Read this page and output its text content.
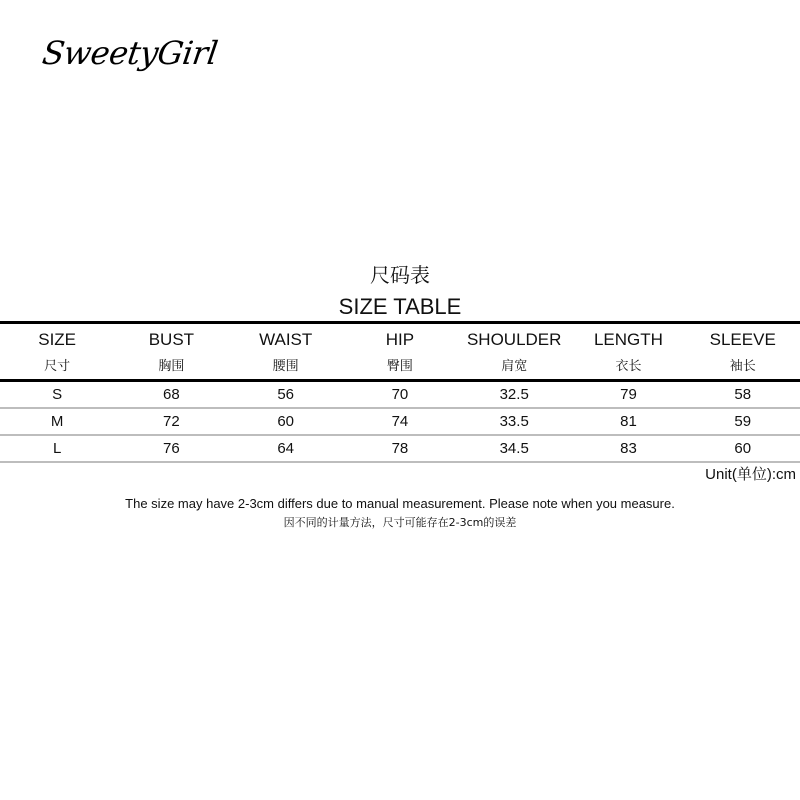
SweetyGirl
尺码表
SIZE TABLE
SIZE	BUST	WAIST	HIP	SHOULDER	LENGTH	SLEEVE
尺寸	胸围	腰围	臀围	肩宽	衣长	袖长
S	68	56	70	32.5	79	58
M	72	60	74	33.5	81	59
L	76	64	78	34.5	83	60
Unit(单位):cm
The size may have 2-3cm differs due to manual measurement. Please note when you measure.
因不同的计量方法，尺寸可能存在2-3cm的误差
